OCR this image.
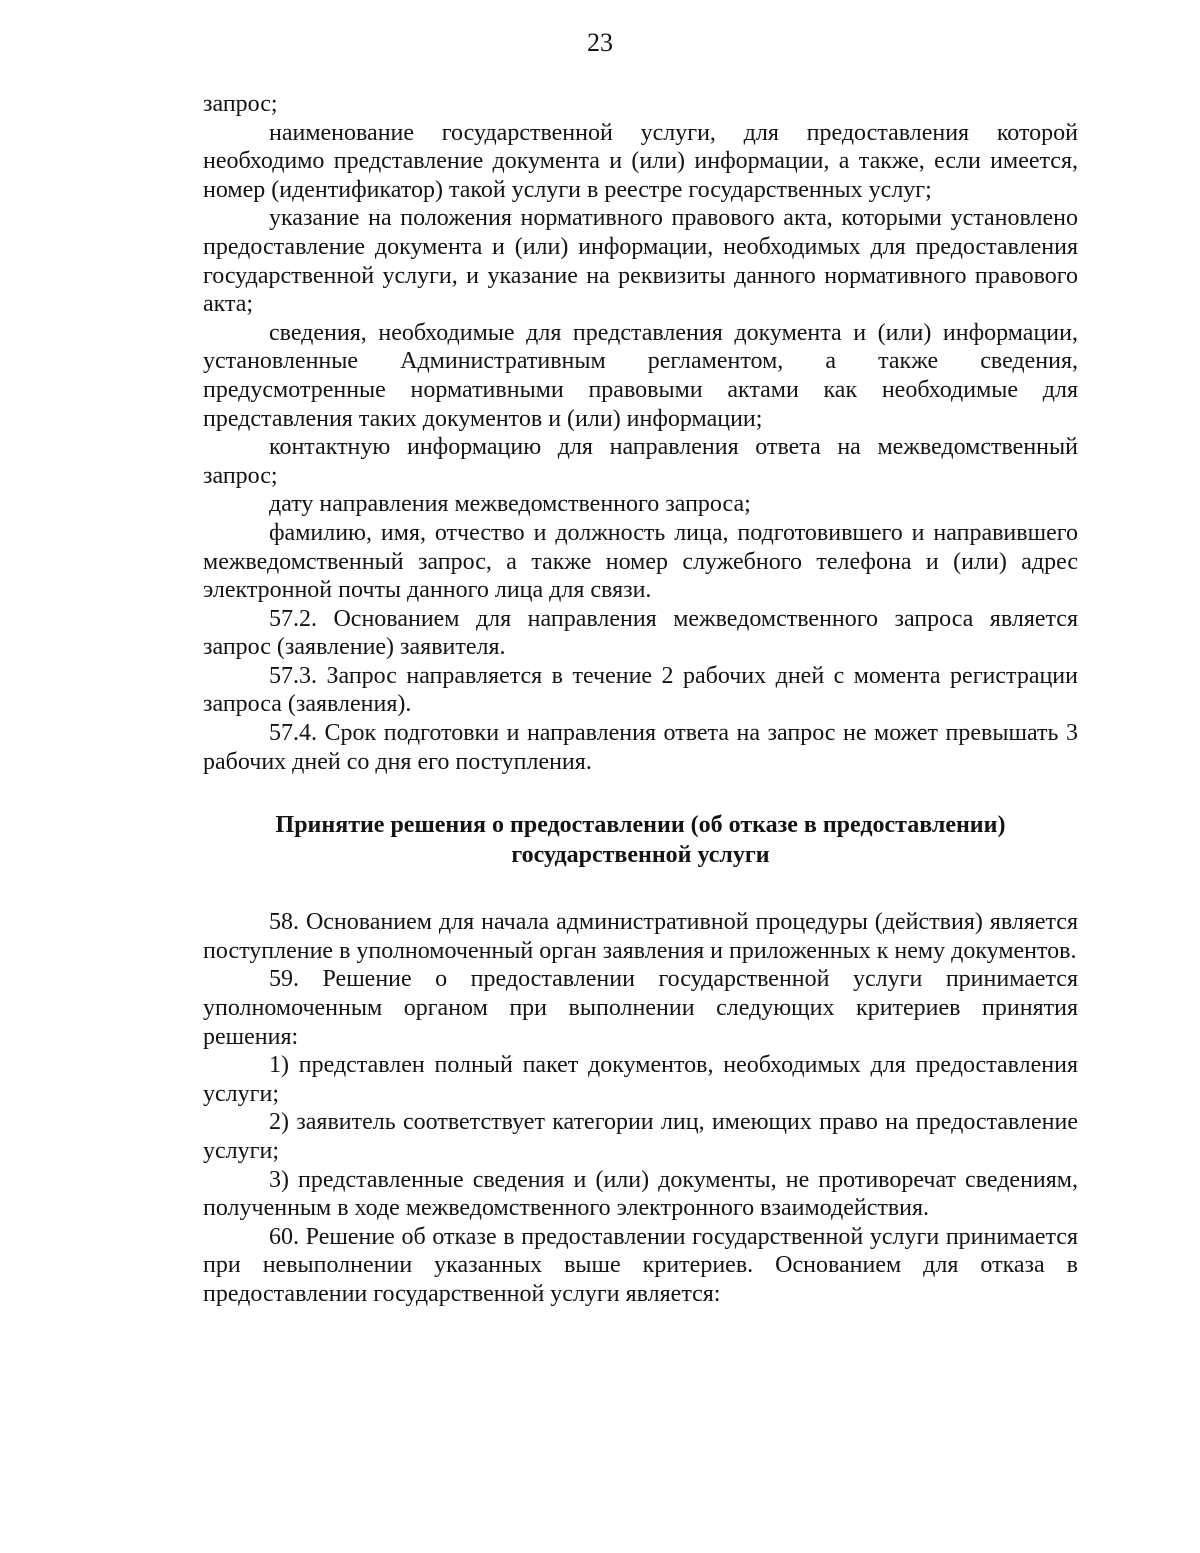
23

запрос;

наименование государственной услуги, для предоставления которой необходимо представление документа и (или) информации, а также, если имеется, номер (идентификатор) такой услуги в реестре государственных услуг;

указание на положения нормативного правового акта, которыми установлено предоставление документа и (или) информации, необходимых для предоставления государственной услуги, и указание на реквизиты данного нормативного правового акта;

сведения, необходимые для представления документа и (или) информации, установленные Административным регламентом, а также сведения, предусмотренные нормативными правовыми актами как необходимые для представления таких документов и (или) информации;

контактную информацию для направления ответа на межведомственный запрос;

дату направления межведомственного запроса;

фамилию, имя, отчество и должность лица, подготовившего и направившего межведомственный запрос, а также номер служебного телефона и (или) адрес электронной почты данного лица для связи.

57.2. Основанием для направления межведомственного запроса является запрос (заявление) заявителя.

57.3. Запрос направляется в течение 2 рабочих дней с момента регистрации запроса (заявления).

57.4. Срок подготовки и направления ответа на запрос не может превышать 3 рабочих дней со дня его поступления.

Принятие решения о предоставлении (об отказе в предоставлении) государственной услуги

58. Основанием для начала административной процедуры (действия) является поступление в уполномоченный орган заявления и приложенных к нему документов.

59. Решение о предоставлении государственной услуги принимается уполномоченным органом при выполнении следующих критериев принятия решения:

1) представлен полный пакет документов, необходимых для предоставления услуги;

2) заявитель соответствует категории лиц, имеющих право на предоставление услуги;

3) представленные сведения и (или) документы, не противоречат сведениям, полученным в ходе межведомственного электронного взаимодействия.

60. Решение об отказе в предоставлении государственной услуги принимается при невыполнении указанных выше критериев. Основанием для отказа в предоставлении государственной услуги является:
